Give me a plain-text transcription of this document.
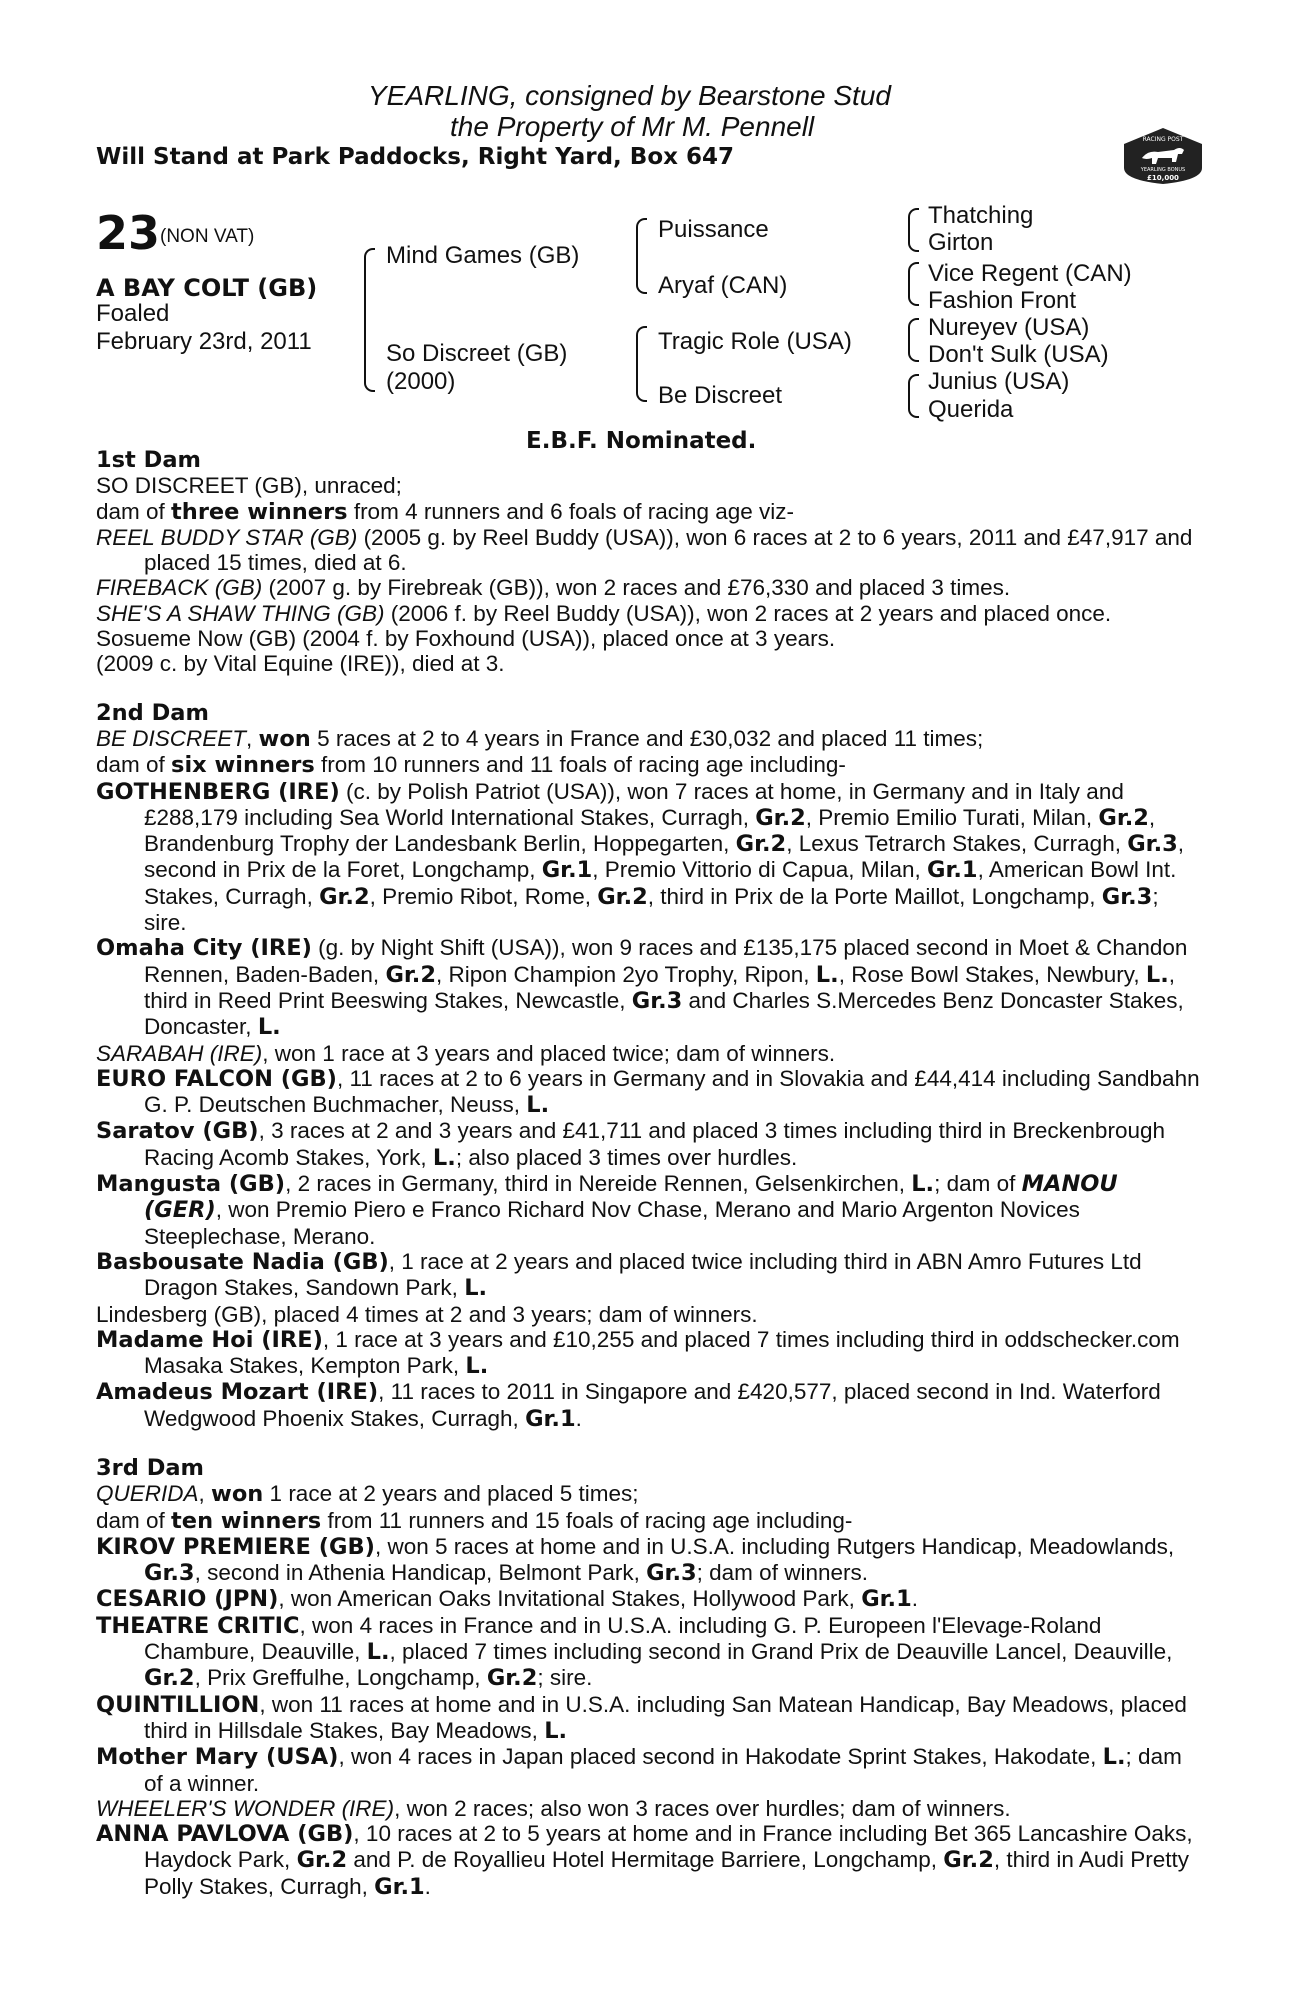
YEARLING, consigned by Bearstone Stud
the Property of Mr M. Pennell
Will Stand at Park Paddocks, Right Yard, Box 647
RACING POST
YEARLING BONUS
£10,000
23 (NON VAT)
A BAY COLT (GB)
Foaled
February 23rd, 2011
Mind Games (GB)
So Discreet (GB)
(2000)
Puissance
Aryaf (CAN)
Tragic Role (USA)
Be Discreet
Thatching
Girton
Vice Regent (CAN)
Fashion Front
Nureyev (USA)
Don't Sulk (USA)
Junius (USA)
Querida
E.B.F. Nominated.

1st Dam

SO DISCREET (GB), unraced;

dam of three winners from 4 runners and 6 foals of racing age viz-

REEL BUDDY STAR (GB) (2005 g. by Reel Buddy (USA)), won 6 races at 2 to 6 years, 2011 and £47,917 and placed 15 times, died at 6.

FIREBACK (GB) (2007 g. by Firebreak (GB)), won 2 races and £76,330 and placed 3 times.

SHE'S A SHAW THING (GB) (2006 f. by Reel Buddy (USA)), won 2 races at 2 years and placed once.

Sosueme Now (GB) (2004 f. by Foxhound (USA)), placed once at 3 years.

(2009 c. by Vital Equine (IRE)), died at 3.

2nd Dam

BE DISCREET, won 5 races at 2 to 4 years in France and £30,032 and placed 11 times;

dam of six winners from 10 runners and 11 foals of racing age including-

GOTHENBERG (IRE) (c. by Polish Patriot (USA)), won 7 races at home, in Germany and in Italy and £288,179 including Sea World International Stakes, Curragh, Gr.2, Premio Emilio Turati, Milan, Gr.2, Brandenburg Trophy der Landesbank Berlin, Hoppegarten, Gr.2, Lexus Tetrarch Stakes, Curragh, Gr.3, second in Prix de la Foret, Longchamp, Gr.1, Premio Vittorio di Capua, Milan, Gr.1, American Bowl Int. Stakes, Curragh, Gr.2, Premio Ribot, Rome, Gr.2, third in Prix de la Porte Maillot, Longchamp, Gr.3; sire.

Omaha City (IRE) (g. by Night Shift (USA)), won 9 races and £135,175 placed second in Moet & Chandon Rennen, Baden-Baden, Gr.2, Ripon Champion 2yo Trophy, Ripon, L., Rose Bowl Stakes, Newbury, L., third in Reed Print Beeswing Stakes, Newcastle, Gr.3 and Charles S.Mercedes Benz Doncaster Stakes, Doncaster, L.

SARABAH (IRE), won 1 race at 3 years and placed twice; dam of winners.

EURO FALCON (GB), 11 races at 2 to 6 years in Germany and in Slovakia and £44,414 including Sandbahn G. P. Deutschen Buchmacher, Neuss, L.

Saratov (GB), 3 races at 2 and 3 years and £41,711 and placed 3 times including third in Breckenbrough Racing Acomb Stakes, York, L.; also placed 3 times over hurdles.

Mangusta (GB), 2 races in Germany, third in Nereide Rennen, Gelsenkirchen, L.; dam of MANOU (GER), won Premio Piero e Franco Richard Nov Chase, Merano and Mario Argenton Novices Steeplechase, Merano.

Basbousate Nadia (GB), 1 race at 2 years and placed twice including third in ABN Amro Futures Ltd Dragon Stakes, Sandown Park, L.

Lindesberg (GB), placed 4 times at 2 and 3 years; dam of winners.

Madame Hoi (IRE), 1 race at 3 years and £10,255 and placed 7 times including third in oddschecker.com Masaka Stakes, Kempton Park, L.

Amadeus Mozart (IRE), 11 races to 2011 in Singapore and £420,577, placed second in Ind. Waterford Wedgwood Phoenix Stakes, Curragh, Gr.1.

3rd Dam

QUERIDA, won 1 race at 2 years and placed 5 times;

dam of ten winners from 11 runners and 15 foals of racing age including-

KIROV PREMIERE (GB), won 5 races at home and in U.S.A. including Rutgers Handicap, Meadowlands, Gr.3, second in Athenia Handicap, Belmont Park, Gr.3; dam of winners.

CESARIO (JPN), won American Oaks Invitational Stakes, Hollywood Park, Gr.1.

THEATRE CRITIC, won 4 races in France and in U.S.A. including G. P. Europeen l'Elevage-Roland Chambure, Deauville, L., placed 7 times including second in Grand Prix de Deauville Lancel, Deauville, Gr.2, Prix Greffulhe, Longchamp, Gr.2; sire.

QUINTILLION, won 11 races at home and in U.S.A. including San Matean Handicap, Bay Meadows, placed third in Hillsdale Stakes, Bay Meadows, L.

Mother Mary (USA), won 4 races in Japan placed second in Hakodate Sprint Stakes, Hakodate, L.; dam of a winner.

WHEELER'S WONDER (IRE), won 2 races; also won 3 races over hurdles; dam of winners.

ANNA PAVLOVA (GB), 10 races at 2 to 5 years at home and in France including Bet 365 Lancashire Oaks, Haydock Park, Gr.2 and P. de Royallieu Hotel Hermitage Barriere, Longchamp, Gr.2, third in Audi Pretty Polly Stakes, Curragh, Gr.1.
